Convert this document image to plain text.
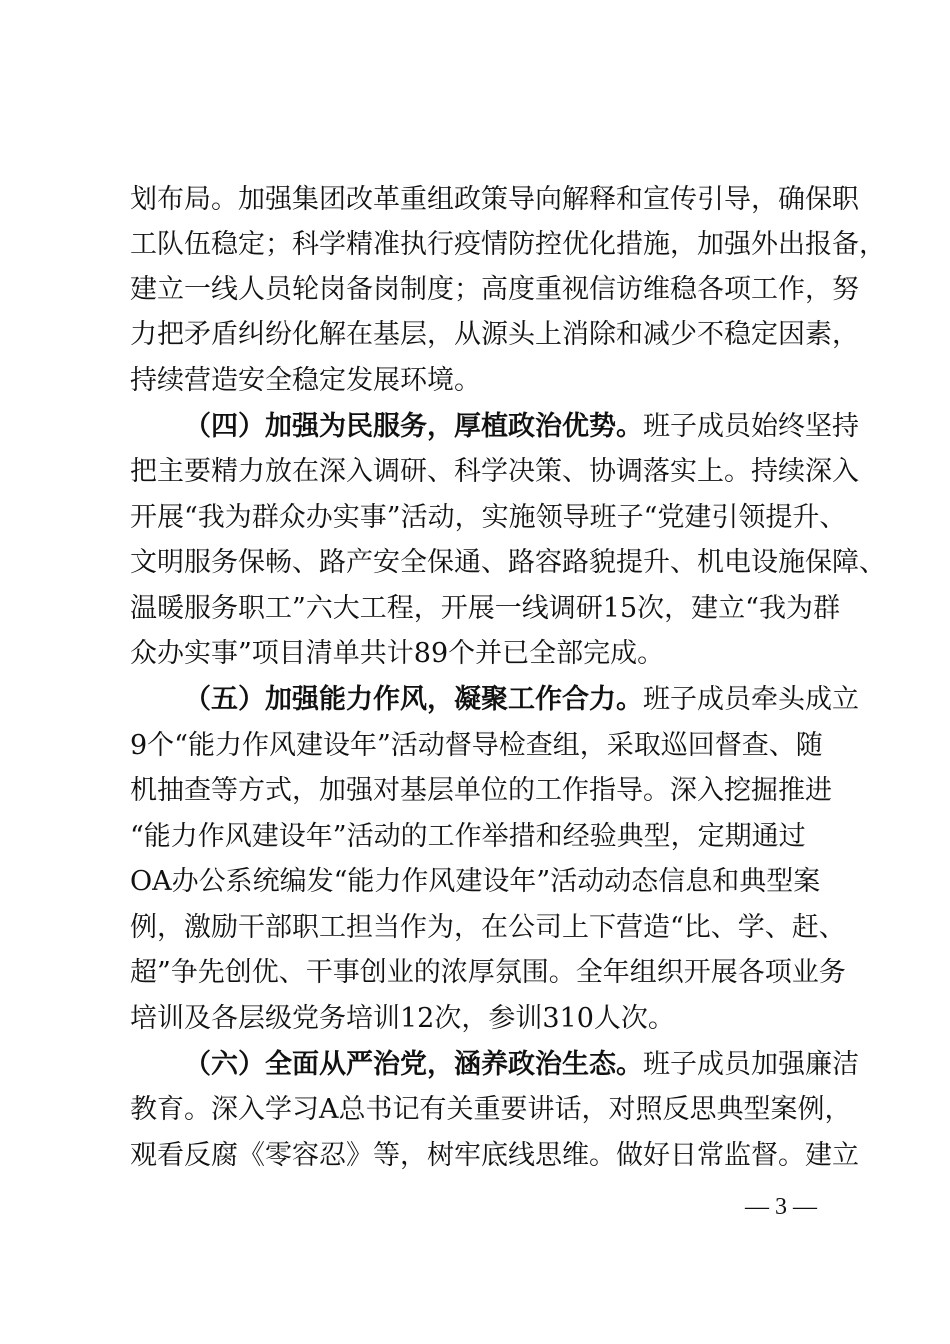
划布局。加强集团改革重组政策导向解释和宣传引导，确保职
工队伍稳定；科学精准执行疫情防控优化措施，加强外出报备，
建立一线人员轮岗备岗制度；高度重视信访维稳各项工作，努
力把矛盾纠纷化解在基层，从源头上消除和减少不稳定因素，
持续营造安全稳定发展环境。
（四）加强为民服务，厚植政治优势。班子成员始终坚持
把主要精力放在深入调研、科学决策、协调落实上。持续深入
开展“我为群众办实事”活动，实施领导班子“党建引领提升、
文明服务保畅、路产安全保通、路容路貌提升、机电设施保障、
温暖服务职工”六大工程，开展一线调研15次，建立“我为群
众办实事”项目清单共计89个并已全部完成。
（五）加强能力作风，凝聚工作合力。班子成员牵头成立
9个“能力作风建设年”活动督导检查组，采取巡回督查、随
机抽查等方式，加强对基层单位的工作指导。深入挖掘推进
“能力作风建设年”活动的工作举措和经验典型，定期通过
OA办公系统编发“能力作风建设年”活动动态信息和典型案
例，激励干部职工担当作为，在公司上下营造“比、学、赶、
超”争先创优、干事创业的浓厚氛围。全年组织开展各项业务
培训及各层级党务培训12次，参训310人次。
（六）全面从严治党，涵养政治生态。班子成员加强廉洁
教育。深入学习A总书记有关重要讲话，对照反思典型案例，
观看反腐《零容忍》等，树牢底线思维。做好日常监督。建立
— 3 —
